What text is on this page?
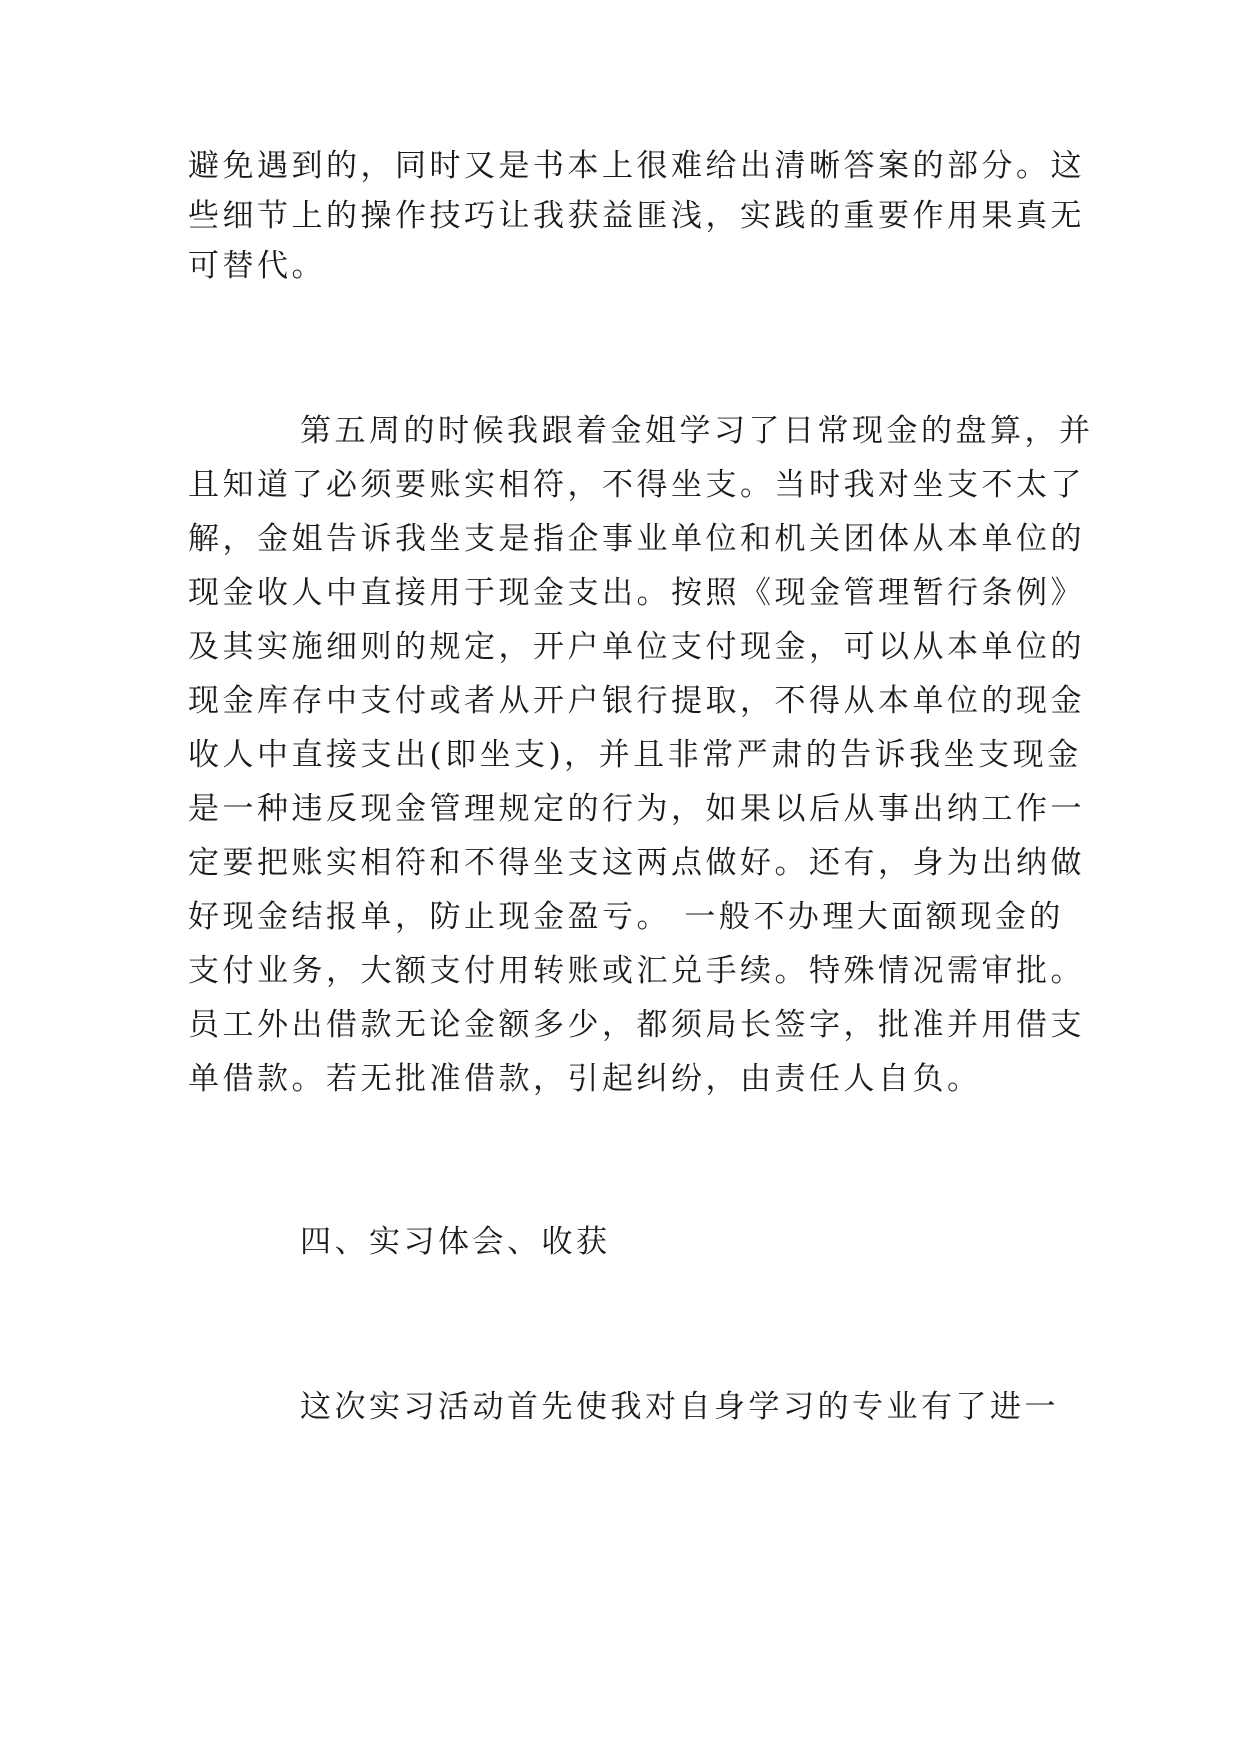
避免遇到的，同时又是书本上很难给出清晰答案的部分。这
些细节上的操作技巧让我获益匪浅，实践的重要作用果真无
可替代。
第五周的时候我跟着金姐学习了日常现金的盘算，并
且知道了必须要账实相符，不得坐支。当时我对坐支不太了
解，金姐告诉我坐支是指企事业单位和机关团体从本单位的
现金收人中直接用于现金支出。按照《现金管理暂行条例》
及其实施细则的规定，开户单位支付现金，可以从本单位的
现金库存中支付或者从开户银行提取，不得从本单位的现金
收人中直接支出(即坐支)，并且非常严肃的告诉我坐支现金
是一种违反现金管理规定的行为，如果以后从事出纳工作一
定要把账实相符和不得坐支这两点做好。还有，身为出纳做
好现金结报单，防止现金盈亏。 一般不办理大面额现金的
支付业务，大额支付用转账或汇兑手续。特殊情况需审批。
员工外出借款无论金额多少，都须局长签字，批准并用借支
单借款。若无批准借款，引起纠纷，由责任人自负。
四、实习体会、收获
这次实习活动首先使我对自身学习的专业有了进一
